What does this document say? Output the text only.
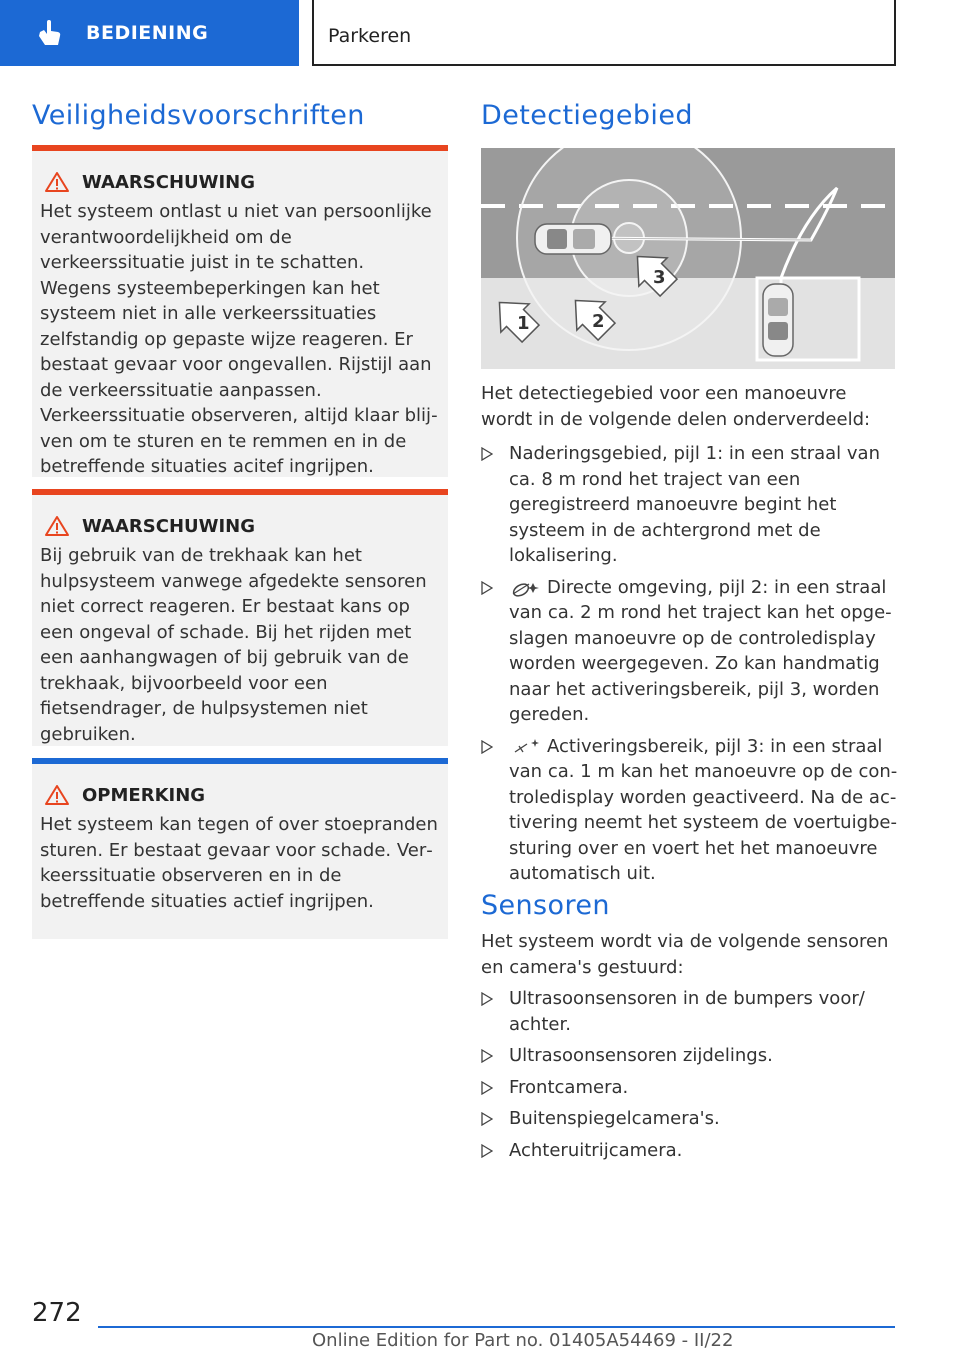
BEDIENING	Parkeren
Veiligheidsvoorschriften
WAARSCHUWING

Het systeem ontlast u niet van persoonlijke verantwoordelijkheid om de verkeerssituatie juist in te schatten. Wegens systeembeperkingen kan het systeem niet in alle verkeerssituaties zelfstandig op gepaste wijze reageren. Er bestaat gevaar voor ongevallen. Rijstijl aan de verkeerssituatie aanpassen. Verkeerssituatie observeren, altijd klaar blijven om te sturen en te remmen en in de betreffende situaties acitef ingrijpen.

WAARSCHUWING

Bij gebruik van de trekhaak kan het hulpsysteem vanwege afgedekte sensoren niet correct reageren. Er bestaat kans op een ongeval of schade. Bij het rijden met een aanhangwagen of bij gebruik van de trekhaak, bijvoorbeeld voor een fietsendrager, de hulpsystemen niet gebruiken.

OPMERKING

Het systeem kan tegen of over stoepranden sturen. Er bestaat gevaar voor schade. Verkeerssituatie observeren en in de betreffende situaties actief ingrijpen.

Detectiegebied
1	2
3

Het detectiegebied voor een manoeuvre wordt in de volgende delen onderverdeeld:

Naderingsgebied, pijl 1: in een straal van ca. 8 m rond het traject van een geregistreerd manoeuvre begint het systeem in de achtergrond met de lokalisering.
Directe omgeving, pijl 2: in een straal van ca. 2 m rond het traject kan het opgeslagen manoeuvre op de controledisplay worden weergegeven. Zo kan handmatig naar het activeringsbereik, pijl 3, worden gereden.
Activeringsbereik, pijl 3: in een straal van ca. 1 m kan het manoeuvre op de controledisplay worden geactiveerd. Na de activering neemt het systeem de voertuigbesturing over en voert het het manoeuvre automatisch uit.
Sensoren

Het systeem wordt via de volgende sensoren en camera's gestuurd:

Ultrasoonsensoren in de bumpers voor/ achter.
Ultrasoonsensoren zijdelings.
Frontcamera.
Buitenspiegelcamera's.
Achteruitrijcamera.
272
Online Edition for Part no. 01405A54469 - II/22
